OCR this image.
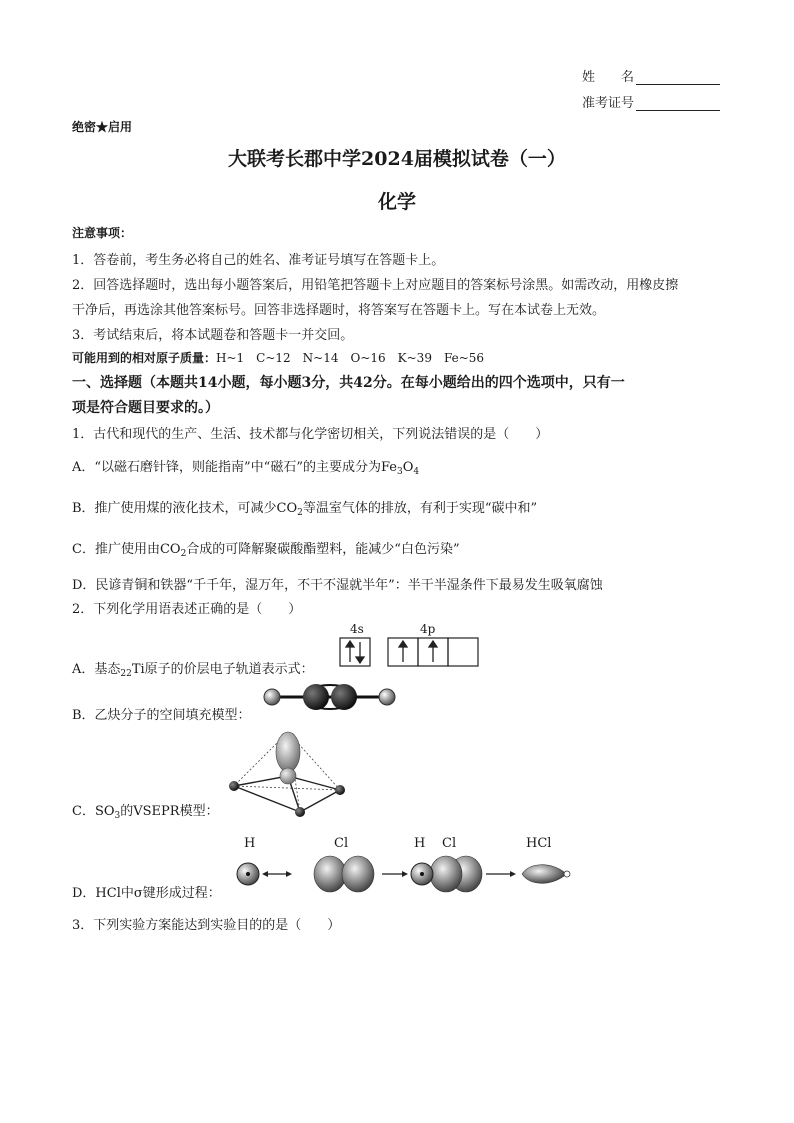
姓　　名
准考证号
绝密★启用
大联考长郡中学2024届模拟试卷（一）
化学
注意事项：
1．答卷前，考生务必将自己的姓名、准考证号填写在答题卡上。
2．回答选择题时，选出每小题答案后，用铅笔把答题卡上对应题目的答案标号涂黑。如需改动，用橡皮擦
干净后，再选涂其他答案标号。回答非选择题时，将答案写在答题卡上。写在本试卷上无效。
3．考试结束后，将本试题卷和答题卡一并交回。
可能用到的相对原子质量：H~1　C~12　N~14　O~16　K~39　Fe~56
一、选择题（本题共14小题，每小题3分，共42分。在每小题给出的四个选项中，只有一
项是符合题目要求的。）
1．古代和现代的生产、生活、技术都与化学密切相关，下列说法错误的是（　　）
A．“以磁石磨针锋，则能指南”中“磁石”的主要成分为$Fe_3O_4$
B．推广使用煤的液化技术，可减少$CO_2$等温室气体的排放，有利于实现“碳中和”
C．推广使用由$CO_2$合成的可降解聚碳酸酯塑料，能减少“白色污染”
D．民谚青铜和铁器“千千年，湿万年，不干不湿就半年”：半干半湿条件下最易发生吸氧腐蚀
2．下列化学用语表述正确的是（　　）
A．基态$_{22}$Ti原子的价层电子轨道表示式：
4s	4p
B．乙炔分子的空间填充模型：
C．$SO_3$的VSEPR模型：
D．HCl中σ键形成过程：
H	Cl	H Cl	HCl
3．下列实验方案能达到实验目的的是（　　）
